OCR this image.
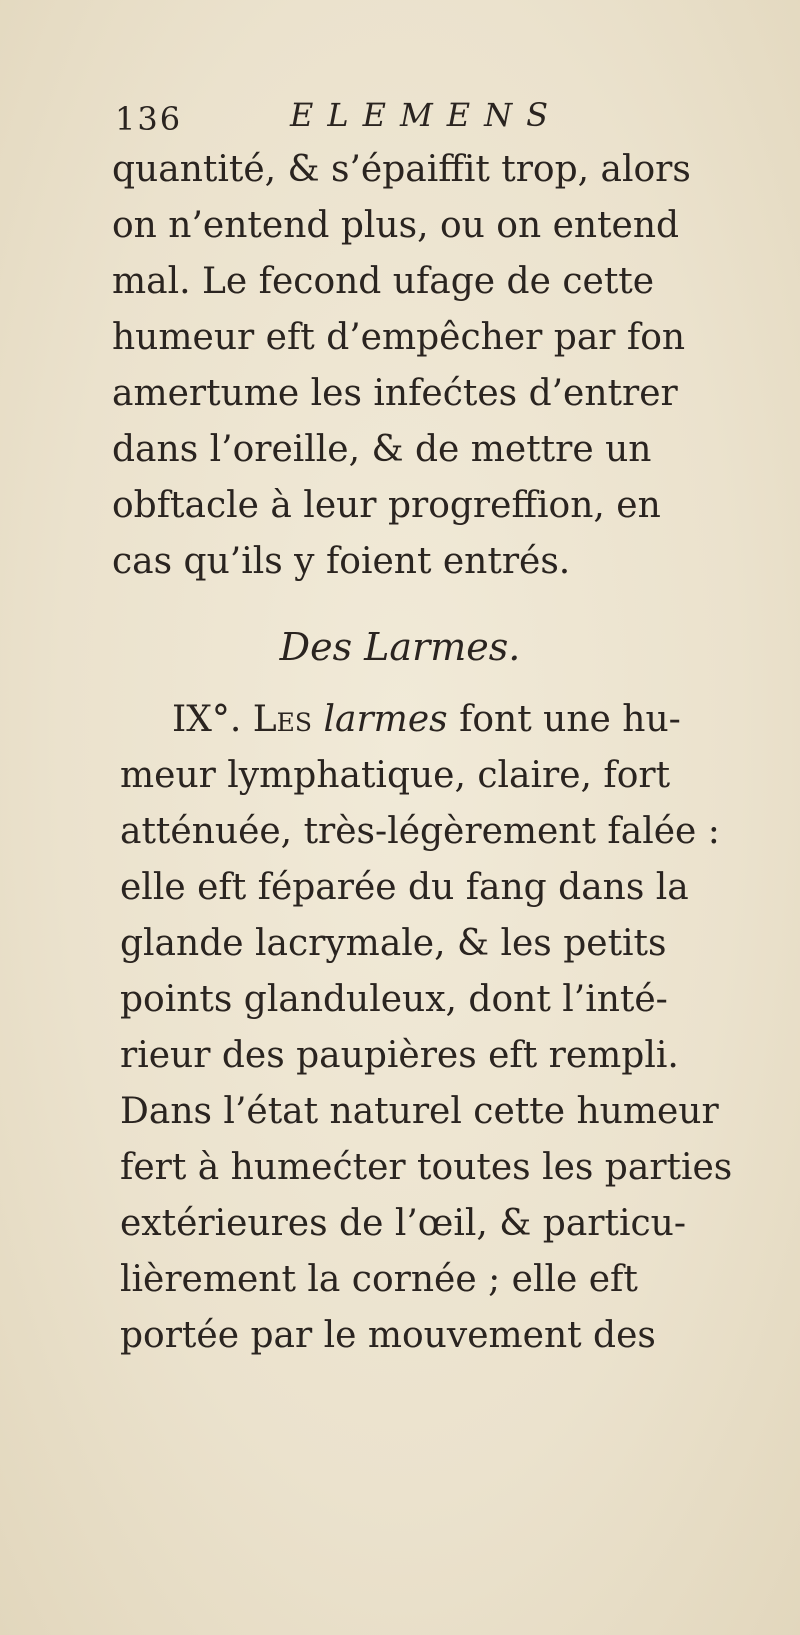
136	ELEMENS
quantité, & s’épaiffit trop, alors
on n’entend plus, ou on entend
mal. Le fecond ufage de cette
humeur eft d’empêcher par fon
amertume les infećtes d’entrer
dans l’oreille, & de mettre un
obftacle à leur progreffion, en
cas qu’ils y foient entrés.
Des Larmes.
IX°. Les larmes font une hu-
meur lymphatique, claire, fort
atténuée, très-légèrement falée :
elle eft féparée du fang dans la
glande lacrymale, & les petits
points glanduleux, dont l’inté-
rieur des paupières eft rempli.
Dans l’état naturel cette humeur
fert à humećter toutes les parties
extérieures de l’œil, & particu-
lièrement la cornée ; elle eft
portée par le mouvement des
